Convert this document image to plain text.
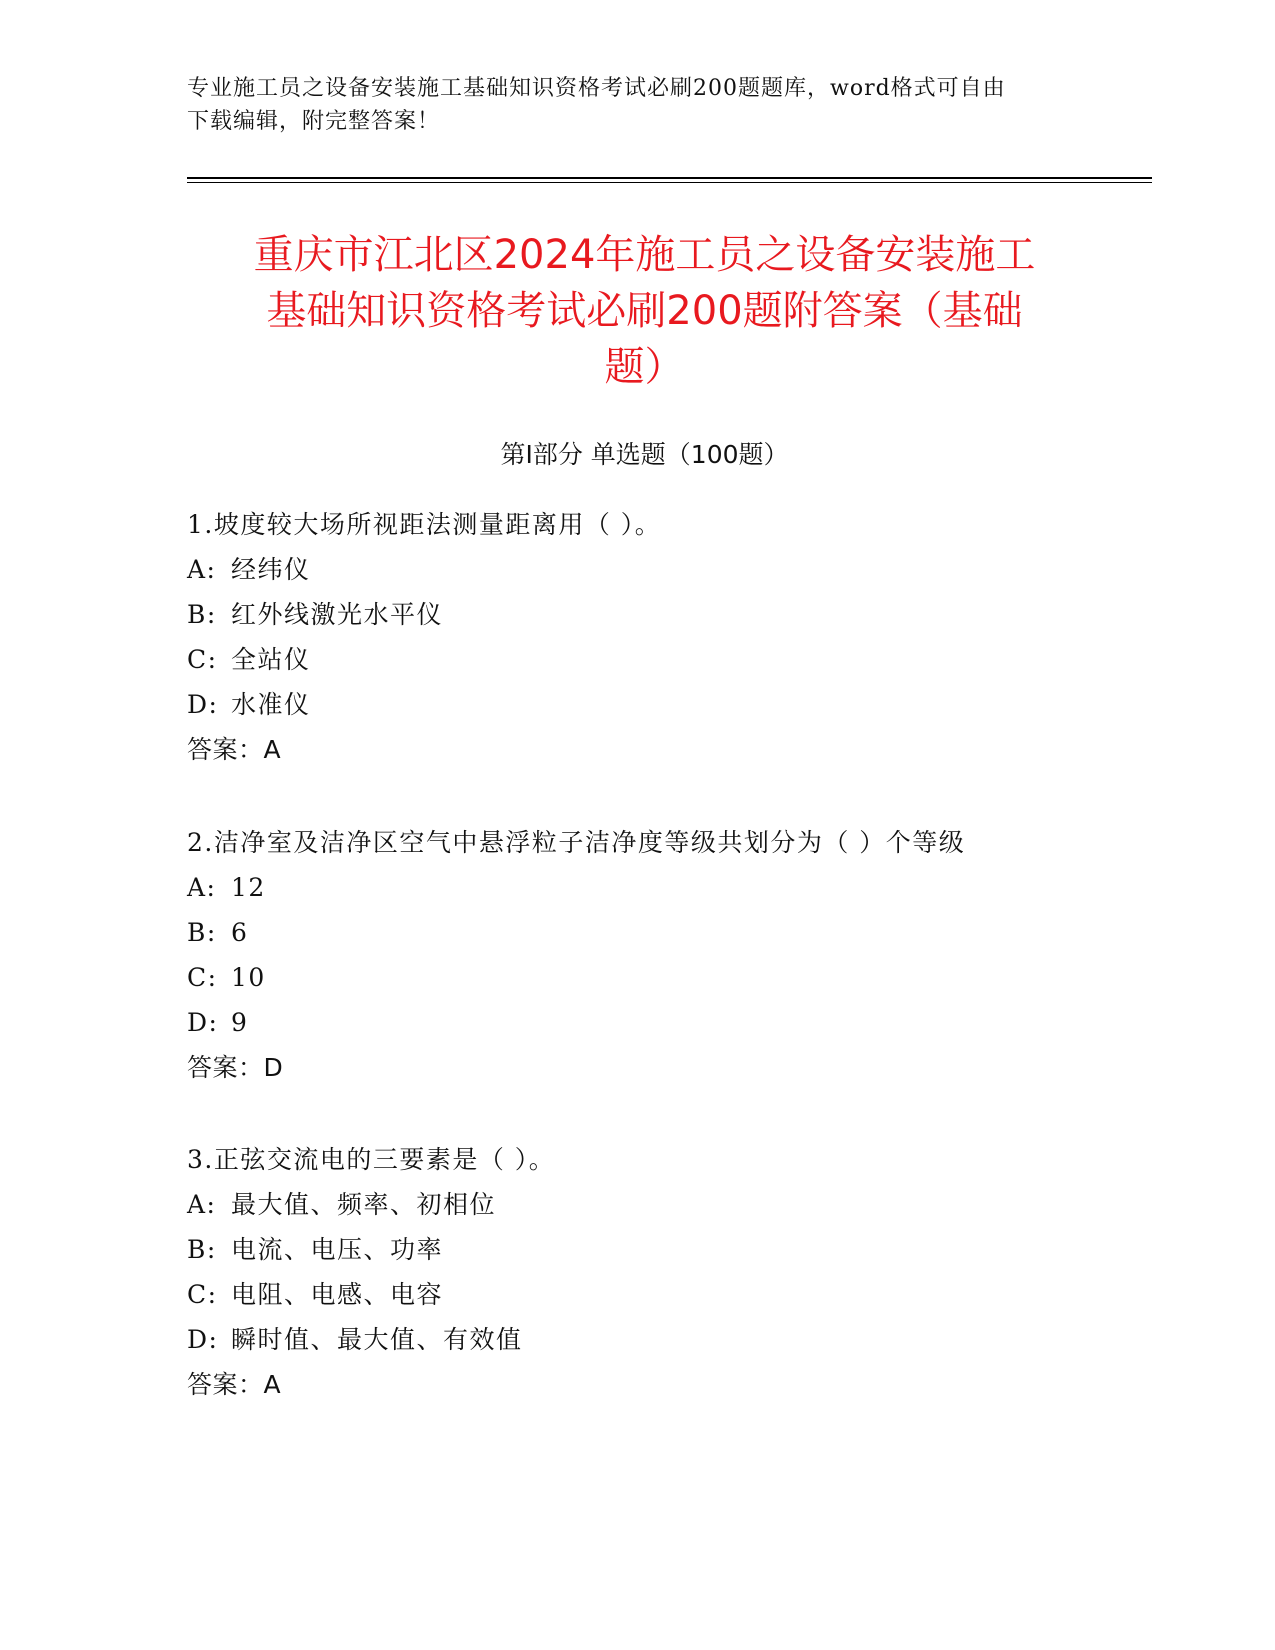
专业施工员之设备安装施工基础知识资格考试必刷200题题库，word格式可自由
下载编辑，附完整答案！
重庆市江北区2024年施工员之设备安装施工
基础知识资格考试必刷200题附答案（基础
题）
第Ⅰ部分 单选题（100题）
1.坡度较大场所视距法测量距离用（ ）。
A: 经纬仪
B: 红外线激光水平仪
C: 全站仪
D: 水准仪
答案：A
2.洁净室及洁净区空气中悬浮粒子洁净度等级共划分为（ ）个等级
A: 12
B: 6
C: 10
D: 9
答案：D
3.正弦交流电的三要素是（ ）。
A: 最大值、频率、初相位
B: 电流、电压、功率
C: 电阻、电感、电容
D: 瞬时值、最大值、有效值
答案：A
